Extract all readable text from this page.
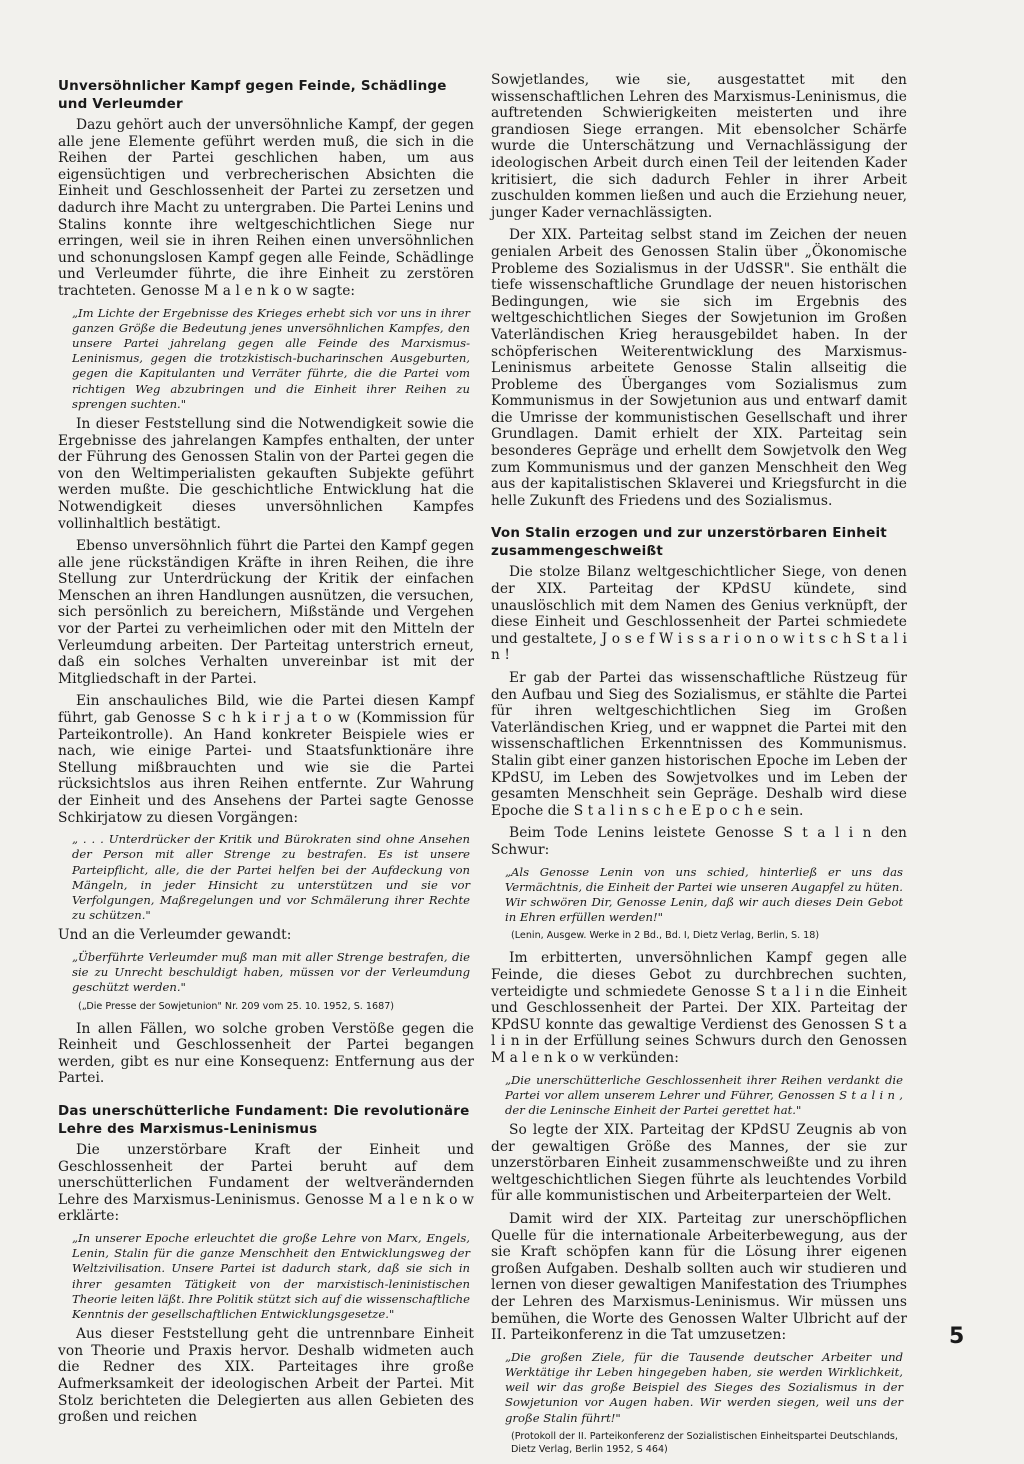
Unversöhnlicher Kampf gegen Feinde, Schädlinge und Verleumder

Dazu gehört auch der unversöhnliche Kampf, der gegen alle jene Elemente geführt werden muß, die sich in die Reihen der Partei geschlichen haben, um aus eigensüchtigen und verbrecherischen Absichten die Einheit und Geschlossenheit der Partei zu zersetzen und dadurch ihre Macht zu untergraben. Die Partei Lenins und Stalins konnte ihre weltgeschichtlichen Siege nur erringen, weil sie in ihren Reihen einen unversöhnlichen und schonungslosen Kampf gegen alle Feinde, Schädlinge und Verleumder führte, die ihre Einheit zu zerstören trachteten. Genosse M a l e n k o w sagte:

„Im Lichte der Ergebnisse des Krieges erhebt sich vor uns in ihrer ganzen Größe die Bedeutung jenes unversöhnlichen Kampfes, den unsere Partei jahrelang gegen alle Feinde des Marxismus-Leninismus, gegen die trotzkistisch-bucharinschen Ausgeburten, gegen die Kapitulanten und Verräter führte, die die Partei vom richtigen Weg abzubringen und die Einheit ihrer Reihen zu sprengen suchten."

In dieser Feststellung sind die Notwendigkeit sowie die Ergebnisse des jahrelangen Kampfes enthalten, der unter der Führung des Genossen Stalin von der Partei gegen die von den Weltimperialisten gekauften Subjekte geführt werden mußte. Die geschichtliche Entwicklung hat die Notwendigkeit dieses unversöhnlichen Kampfes vollinhaltlich bestätigt.

Ebenso unversöhnlich führt die Partei den Kampf gegen alle jene rückständigen Kräfte in ihren Reihen, die ihre Stellung zur Unterdrückung der Kritik der einfachen Menschen an ihren Handlungen ausnützen, die versuchen, sich persönlich zu bereichern, Mißstände und Vergehen vor der Partei zu verheimlichen oder mit den Mitteln der Verleumdung arbeiten. Der Parteitag unterstrich erneut, daß ein solches Verhalten unvereinbar ist mit der Mitgliedschaft in der Partei.

Ein anschauliches Bild, wie die Partei diesen Kampf führt, gab Genosse S c h k i r j a t o w (Kommission für Parteikontrolle). An Hand konkreter Beispiele wies er nach, wie einige Partei- und Staatsfunktionäre ihre Stellung mißbrauchten und wie sie die Partei rücksichtslos aus ihren Reihen entfernte. Zur Wahrung der Einheit und des Ansehens der Partei sagte Genosse Schkirjatow zu diesen Vorgängen:

„ . . . Unterdrücker der Kritik und Bürokraten sind ohne Ansehen der Person mit aller Strenge zu bestrafen. Es ist unsere Parteipflicht, alle, die der Partei helfen bei der Aufdeckung von Mängeln, in jeder Hinsicht zu unterstützen und sie vor Verfolgungen, Maßregelungen und vor Schmälerung ihrer Rechte zu schützen."

Und an die Verleumder gewandt:

„Überführte Verleumder muß man mit aller Strenge bestrafen, die sie zu Unrecht beschuldigt haben, müssen vor der Verleumdung geschützt werden."

(„Die Presse der Sowjetunion" Nr. 209 vom 25. 10. 1952, S. 1687)

In allen Fällen, wo solche groben Verstöße gegen die Reinheit und Geschlossenheit der Partei begangen werden, gibt es nur eine Konsequenz: Entfernung aus der Partei.

Das unerschütterliche Fundament: Die revolutionäre Lehre des Marxismus-Leninismus

Die unzerstörbare Kraft der Einheit und Geschlossenheit der Partei beruht auf dem unerschütterlichen Fundament der weltverändernden Lehre des Marxismus-Leninismus. Genosse M a l e n k o w erklärte:

„In unserer Epoche erleuchtet die große Lehre von Marx, Engels, Lenin, Stalin für die ganze Menschheit den Entwicklungsweg der Weltzivilisation. Unsere Partei ist dadurch stark, daß sie sich in ihrer gesamten Tätigkeit von der marxistisch-leninistischen Theorie leiten läßt. Ihre Politik stützt sich auf die wissenschaftliche Kenntnis der gesellschaftlichen Entwicklungsgesetze."

Aus dieser Feststellung geht die untrennbare Einheit von Theorie und Praxis hervor. Deshalb widmeten auch die Redner des XIX. Parteitages ihre große Aufmerksamkeit der ideologischen Arbeit der Partei. Mit Stolz berichteten die Delegierten aus allen Gebieten des großen und reichen

Sowjetlandes, wie sie, ausgestattet mit den wissenschaftlichen Lehren des Marxismus-Leninismus, die auftretenden Schwierigkeiten meisterten und ihre grandiosen Siege errangen. Mit ebensolcher Schärfe wurde die Unterschätzung und Vernachlässigung der ideologischen Arbeit durch einen Teil der leitenden Kader kritisiert, die sich dadurch Fehler in ihrer Arbeit zuschulden kommen ließen und auch die Erziehung neuer, junger Kader vernachlässigten.

Der XIX. Parteitag selbst stand im Zeichen der neuen genialen Arbeit des Genossen Stalin über „Ökonomische Probleme des Sozialismus in der UdSSR". Sie enthält die tiefe wissenschaftliche Grundlage der neuen historischen Bedingungen, wie sie sich im Ergebnis des weltgeschichtlichen Sieges der Sowjetunion im Großen Vaterländischen Krieg herausgebildet haben. In der schöpferischen Weiterentwicklung des Marxismus-Leninismus arbeitete Genosse Stalin allseitig die Probleme des Überganges vom Sozialismus zum Kommunismus in der Sowjetunion aus und entwarf damit die Umrisse der kommunistischen Gesellschaft und ihrer Grundlagen. Damit erhielt der XIX. Parteitag sein besonderes Gepräge und erhellt dem Sowjetvolk den Weg zum Kommunismus und der ganzen Menschheit den Weg aus der kapitalistischen Sklaverei und Kriegsfurcht in die helle Zukunft des Friedens und des Sozialismus.

Von Stalin erzogen und zur unzerstörbaren Einheit zusammengeschweißt

Die stolze Bilanz weltgeschichtlicher Siege, von denen der XIX. Parteitag der KPdSU kündete, sind unauslöschlich mit dem Namen des Genius verknüpft, der diese Einheit und Geschlossenheit der Partei schmiedete und gestaltete, J o s e f W i s s a r i o n o w i t s c h S t a l i n !

Er gab der Partei das wissenschaftliche Rüstzeug für den Aufbau und Sieg des Sozialismus, er stählte die Partei für ihren weltgeschichtlichen Sieg im Großen Vaterländischen Krieg, und er wappnet die Partei mit den wissenschaftlichen Erkenntnissen des Kommunismus. Stalin gibt einer ganzen historischen Epoche im Leben der KPdSU, im Leben des Sowjetvolkes und im Leben der gesamten Menschheit sein Gepräge. Deshalb wird diese Epoche die S t a l i n s c h e E p o c h e sein.

Beim Tode Lenins leistete Genosse S t a l i n den Schwur:

„Als Genosse Lenin von uns schied, hinterließ er uns das Vermächtnis, die Einheit der Partei wie unseren Augapfel zu hüten. Wir schwören Dir, Genosse Lenin, daß wir auch dieses Dein Gebot in Ehren erfüllen werden!"

(Lenin, Ausgew. Werke in 2 Bd., Bd. I, Dietz Verlag, Berlin, S. 18)

Im erbitterten, unversöhnlichen Kampf gegen alle Feinde, die dieses Gebot zu durchbrechen suchten, verteidigte und schmiedete Genosse S t a l i n die Einheit und Geschlossenheit der Partei. Der XIX. Parteitag der KPdSU konnte das gewaltige Verdienst des Genossen S t a l i n in der Erfüllung seines Schwurs durch den Genossen M a l e n k o w verkünden:

„Die unerschütterliche Geschlossenheit ihrer Reihen verdankt die Partei vor allem unserem Lehrer und Führer, Genossen S t a l i n , der die Leninsche Einheit der Partei gerettet hat."

So legte der XIX. Parteitag der KPdSU Zeugnis ab von der gewaltigen Größe des Mannes, der sie zur unzerstörbaren Einheit zusammenschweißte und zu ihren weltgeschichtlichen Siegen führte als leuchtendes Vorbild für alle kommunistischen und Arbeiterparteien der Welt.

Damit wird der XIX. Parteitag zur unerschöpflichen Quelle für die internationale Arbeiterbewegung, aus der sie Kraft schöpfen kann für die Lösung ihrer eigenen großen Aufgaben. Deshalb sollten auch wir studieren und lernen von dieser gewaltigen Manifestation des Triumphes der Lehren des Marxismus-Leninismus. Wir müssen uns bemühen, die Worte des Genossen Walter Ulbricht auf der II. Parteikonferenz in die Tat umzusetzen:

„Die großen Ziele, für die Tausende deutscher Arbeiter und Werktätige ihr Leben hingegeben haben, sie werden Wirklichkeit, weil wir das große Beispiel des Sieges des Sozialismus in der Sowjetunion vor Augen haben. Wir werden siegen, weil uns der große Stalin führt!"

(Protokoll der II. Parteikonferenz der Sozialistischen Einheitspartei Deutschlands, Dietz Verlag, Berlin 1952, S 464)
5
